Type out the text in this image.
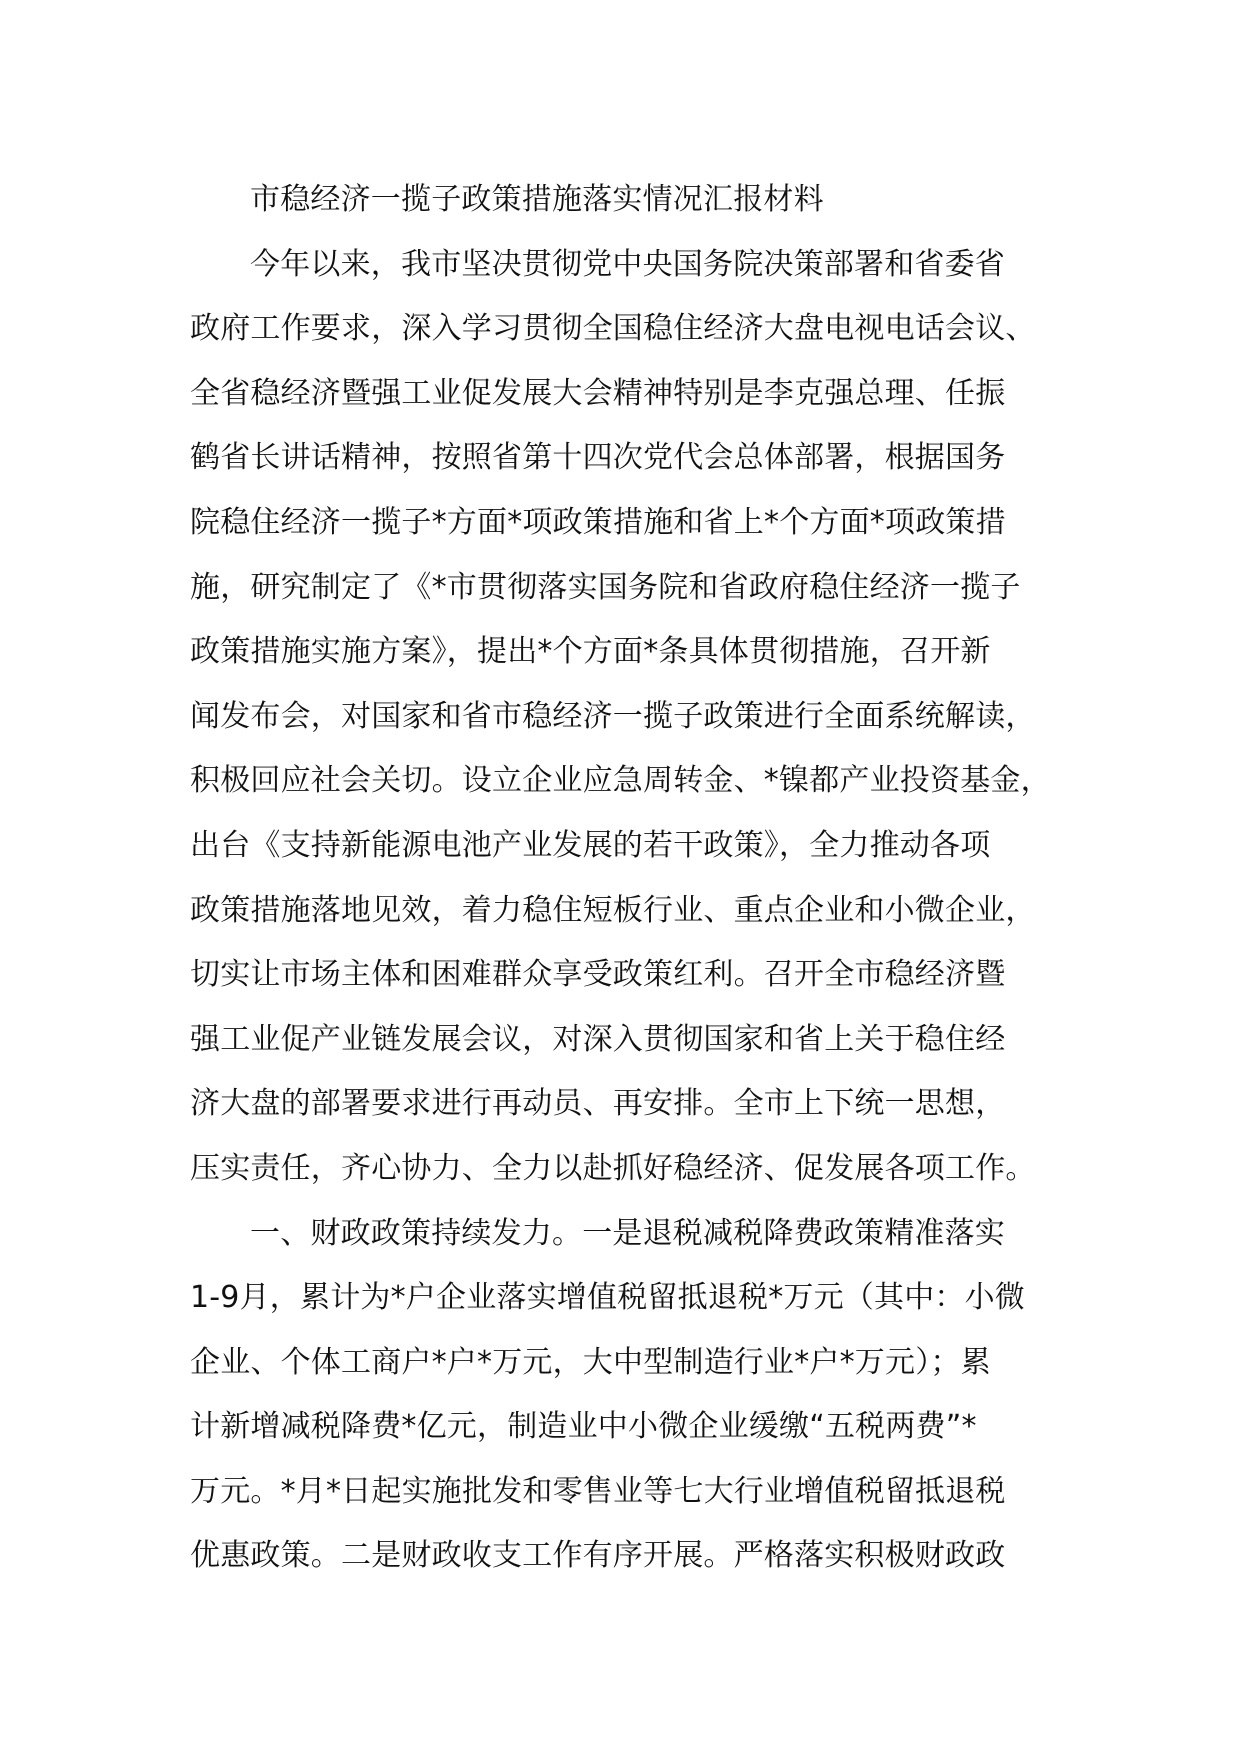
市稳经济一揽子政策措施落实情况汇报材料
今年以来，我市坚决贯彻党中央国务院决策部署和省委省
政府工作要求，深入学习贯彻全国稳住经济大盘电视电话会议、
全省稳经济暨强工业促发展大会精神特别是李克强总理、任振
鹤省长讲话精神，按照省第十四次党代会总体部署，根据国务
院稳住经济一揽子*方面*项政策措施和省上*个方面*项政策措
施，研究制定了《*市贯彻落实国务院和省政府稳住经济一揽子
政策措施实施方案》，提出*个方面*条具体贯彻措施，召开新
闻发布会，对国家和省市稳经济一揽子政策进行全面系统解读，
积极回应社会关切。设立企业应急周转金、*镍都产业投资基金，
出台《支持新能源电池产业发展的若干政策》，全力推动各项
政策措施落地见效，着力稳住短板行业、重点企业和小微企业，
切实让市场主体和困难群众享受政策红利。召开全市稳经济暨
强工业促产业链发展会议，对深入贯彻国家和省上关于稳住经
济大盘的部署要求进行再动员、再安排。全市上下统一思想，
压实责任，齐心协力、全力以赴抓好稳经济、促发展各项工作。
一、财政政策持续发力。一是退税减税降费政策精准落实
1-9月，累计为*户企业落实增值税留抵退税*万元（其中：小微
企业、个体工商户*户*万元，大中型制造行业*户*万元）；累
计新增减税降费*亿元，制造业中小微企业缓缴“五税两费”*
万元。*月*日起实施批发和零售业等七大行业增值税留抵退税
优惠政策。二是财政收支工作有序开展。严格落实积极财政政
